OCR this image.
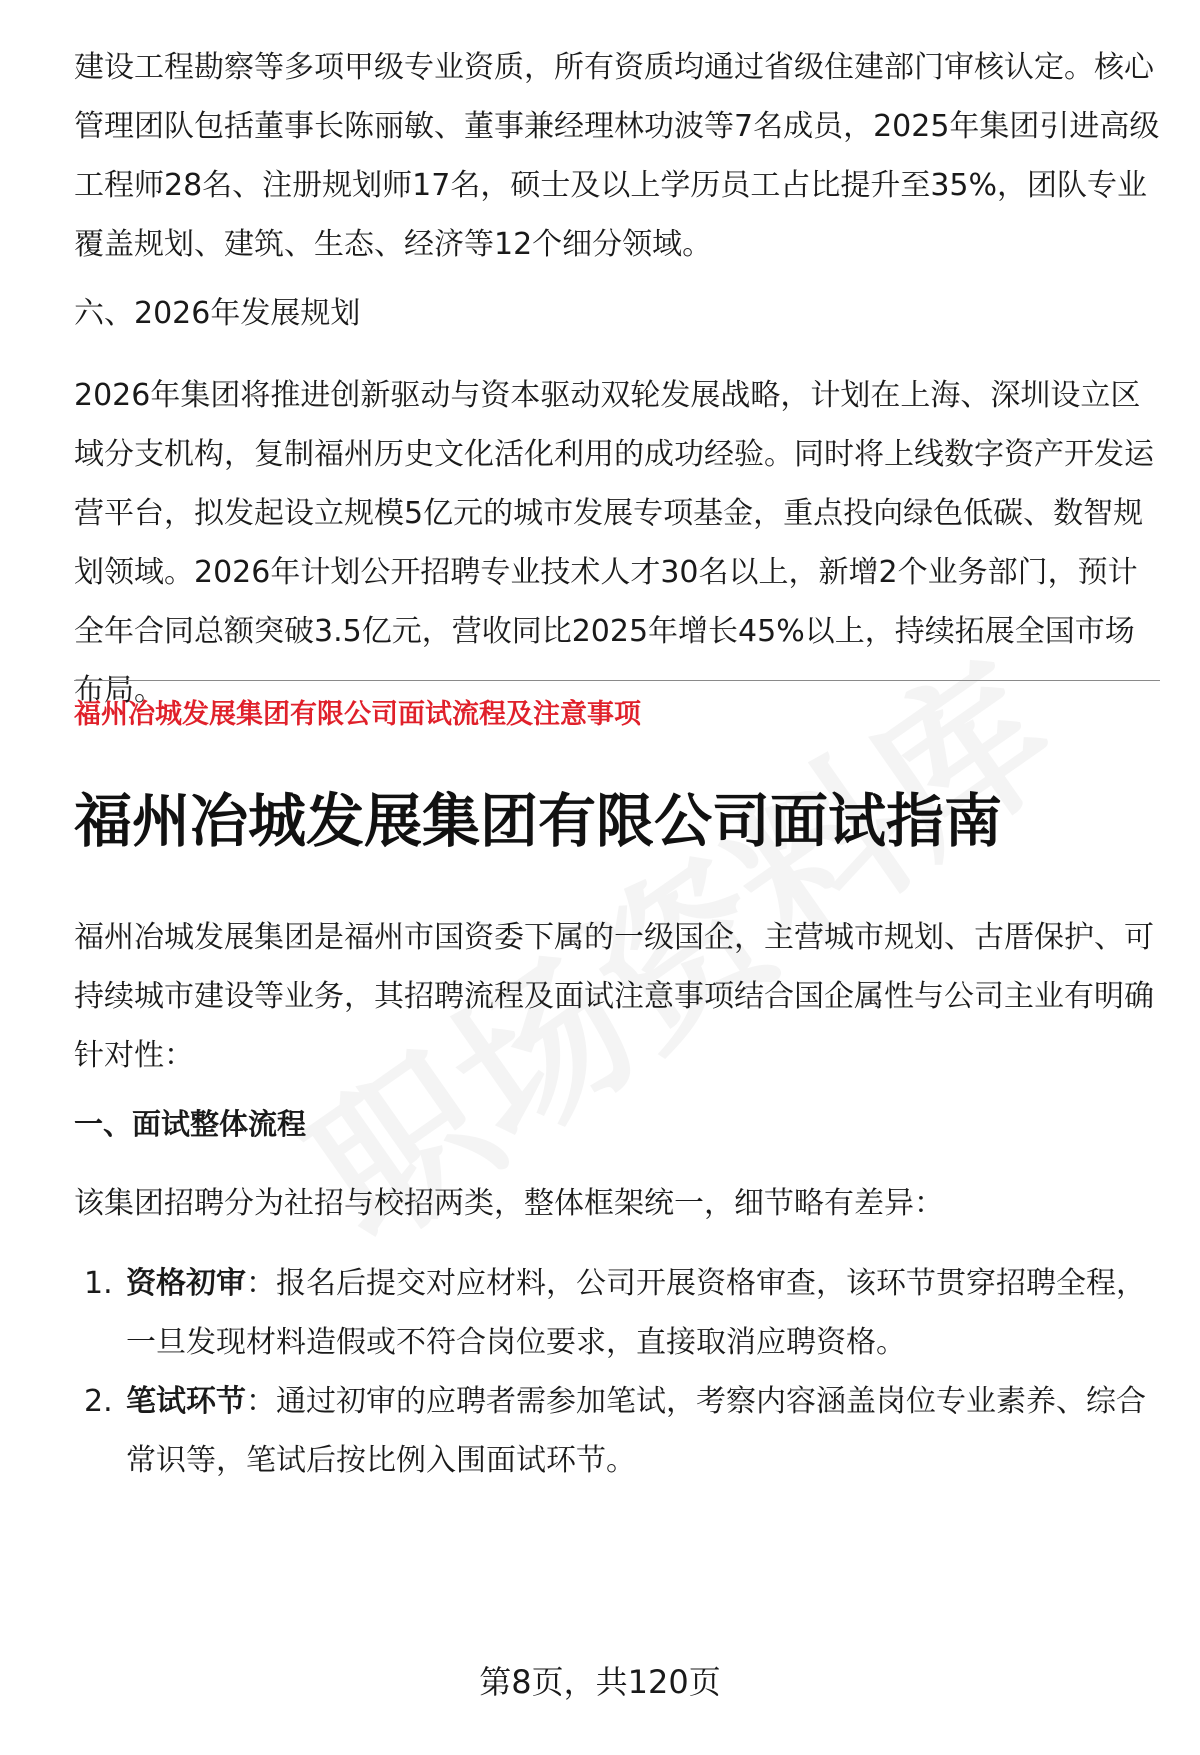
建设工程勘察等多项甲级专业资质，所有资质均通过省级住建部门审核认定。核心管理团队包括董事长陈丽敏、董事兼经理林功波等7名成员，2025年集团引进高级工程师28名、注册规划师17名，硕士及以上学历员工占比提升至35%，团队专业覆盖规划、建筑、生态、经济等12个细分领域。
六、2026年发展规划
2026年集团将推进创新驱动与资本驱动双轮发展战略，计划在上海、深圳设立区域分支机构，复制福州历史文化活化利用的成功经验。同时将上线数字资产开发运营平台，拟发起设立规模5亿元的城市发展专项基金，重点投向绿色低碳、数智规划领域。2026年计划公开招聘专业技术人才30名以上，新增2个业务部门，预计全年合同总额突破3.5亿元，营收同比2025年增长45%以上，持续拓展全国市场布局。
福州冶城发展集团有限公司面试流程及注意事项
福州冶城发展集团有限公司面试指南
福州冶城发展集团是福州市国资委下属的一级国企，主营城市规划、古厝保护、可持续城市建设等业务，其招聘流程及面试注意事项结合国企属性与公司主业有明确针对性：
一、面试整体流程
该集团招聘分为社招与校招两类，整体框架统一，细节略有差异：
1. 资格初审：报名后提交对应材料，公司开展资格审查，该环节贯穿招聘全程，一旦发现材料造假或不符合岗位要求，直接取消应聘资格。
2. 笔试环节：通过初审的应聘者需参加笔试，考察内容涵盖岗位专业素养、综合常识等，笔试后按比例入围面试环节。
第8页，共120页
